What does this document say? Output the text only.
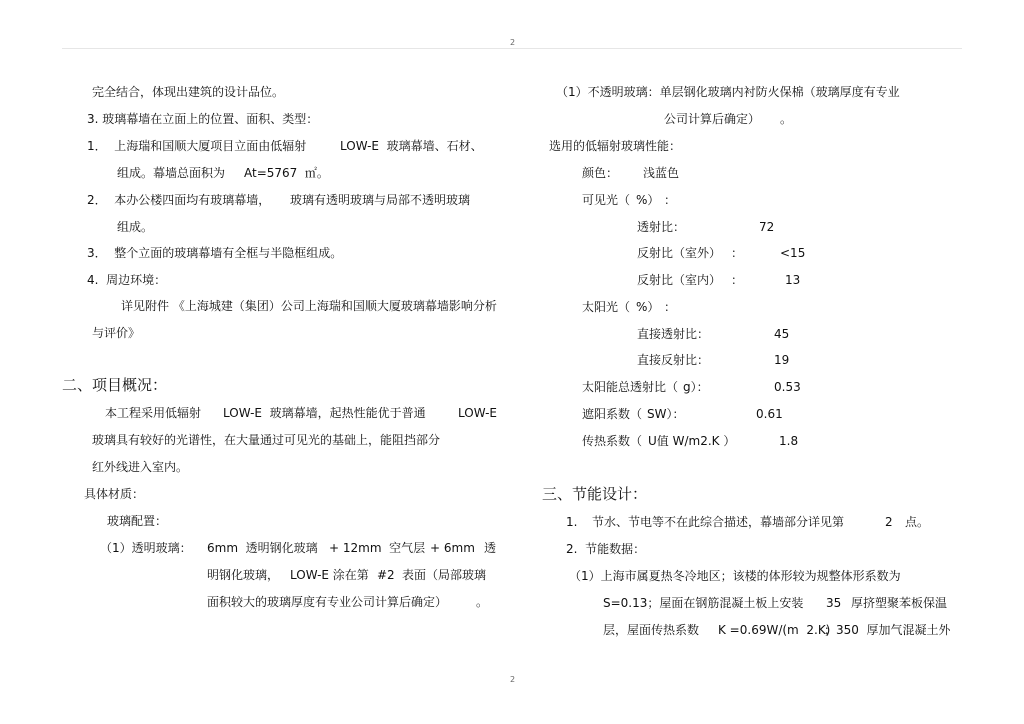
2
完全结合，体现出建筑的设计品位。
3. 玻璃幕墙在立面上的位置、面积、类型：
1．  上海瑞和国顺大厦项目立面由低辐射	LOW-E  玻璃幕墙、石材、
组成。幕墙总面积为 At=5767  ㎡。
2．  本办公楼四面均有玻璃幕墙， 玻璃有透明玻璃与局部不透明玻璃
组成。
3．  整个立面的玻璃幕墙有全框与半隐框组成。
4.  周边环境：
详见附件 《上海城建（集团）公司上海瑞和国顺大厦玻璃幕墙影响分析
与评价》
二、项目概况：
本工程采用低辐射 LOW-E  玻璃幕墙，起热性能优于普通	LOW-E
玻璃具有较好的光谱性，在大量通过可见光的基础上，能阻挡部分
红外线进入室内。
具体材质：
玻璃配置：
（1）透明玻璃： 6mm  透明钢化玻璃 + 12mm  空气层 + 6mm 透
明钢化玻璃， LOW-E 涂在第 #2 表面（局部玻璃
面积较大的玻璃厚度有专业公司计算后确定） 。
（1）不透明玻璃：单层钢化玻璃内衬防火保棉（玻璃厚度有专业
公司计算后确定） 。
选用的低辐射玻璃性能：
颜色： 浅蓝色
可见光（ %） ：
透射比：	72
反射比（室外） ：	<15
反射比（室内） ：	13
太阳光（ %） ：
直接透射比：	45
直接反射比：	19
太阳能总透射比（ g）：	0.53
遮阳系数（ SW）：	0.61
传热系数（ U值 W/m2.K ）	1.8
三、节能设计：
1. 节水、节电等不在此综合描述，幕墙部分详见第	2 点。
2.  节能数据：
（1）上海市属夏热冬冷地区；该楼的体形较为规整体形系数为
S=0.13；屋面在钢筋混凝土板上安装 35 厚挤塑聚苯板保温
层，屋面传热系数 K =0.69W/(m  2.K)
；350  厚加气混凝土外
2
